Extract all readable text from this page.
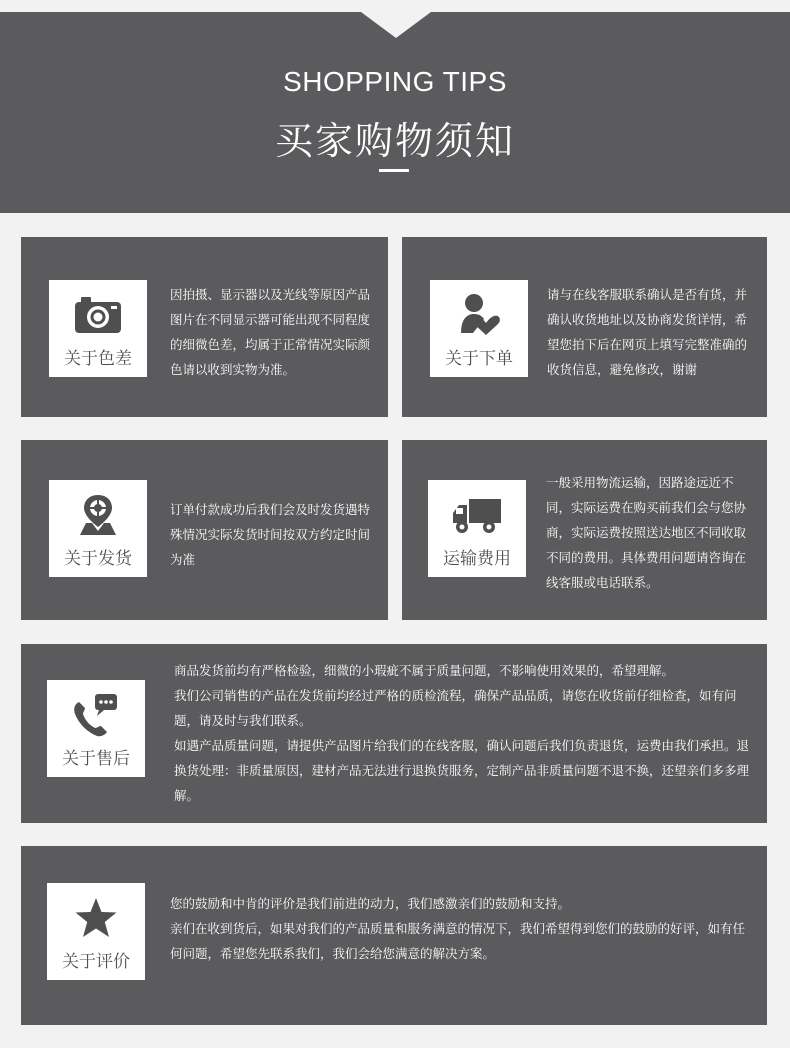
SHOPPING TIPS
买家购物须知
关于色差
因拍摄、显示器以及光线等原因产品图片在不同显示器可能出现不同程度的细微色差，均属于正常情况实际颜色请以收到实物为准。
关于下单
请与在线客服联系确认是否有货，并确认收货地址以及协商发货详情，希望您拍下后在网页上填写完整准确的收货信息，避免修改，谢谢
关于发货
订单付款成功后我们会及时发货遇特殊情况实际发货时间按双方约定时间为准	运输费用
一般采用物流运输，因路途远近不同，实际运费在购买前我们会与您协商，实际运费按照送达地区不同收取不同的费用。具体费用问题请咨询在线客服或电话联系。
关于售后

商品发货前均有严格检验，细微的小瑕疵不属于质量问题，不影响使用效果的，希望理解。

我们公司销售的产品在发货前均经过严格的质检流程，确保产品品质，请您在收货前仔细检查，如有问题，请及时与我们联系。

如遇产品质量问题，请提供产品图片给我们的在线客服，确认问题后我们负责退货，运费由我们承担。退换货处理：非质量原因，建材产品无法进行退换货服务，定制产品非质量问题不退不换，还望亲们多多理解。

关于评价

您的鼓励和中肯的评价是我们前进的动力，我们感激亲们的鼓励和支持。

亲们在收到货后，如果对我们的产品质量和服务满意的情况下，我们希望得到您们的鼓励的好评，如有任何问题，希望您先联系我们，我们会给您满意的解决方案。
